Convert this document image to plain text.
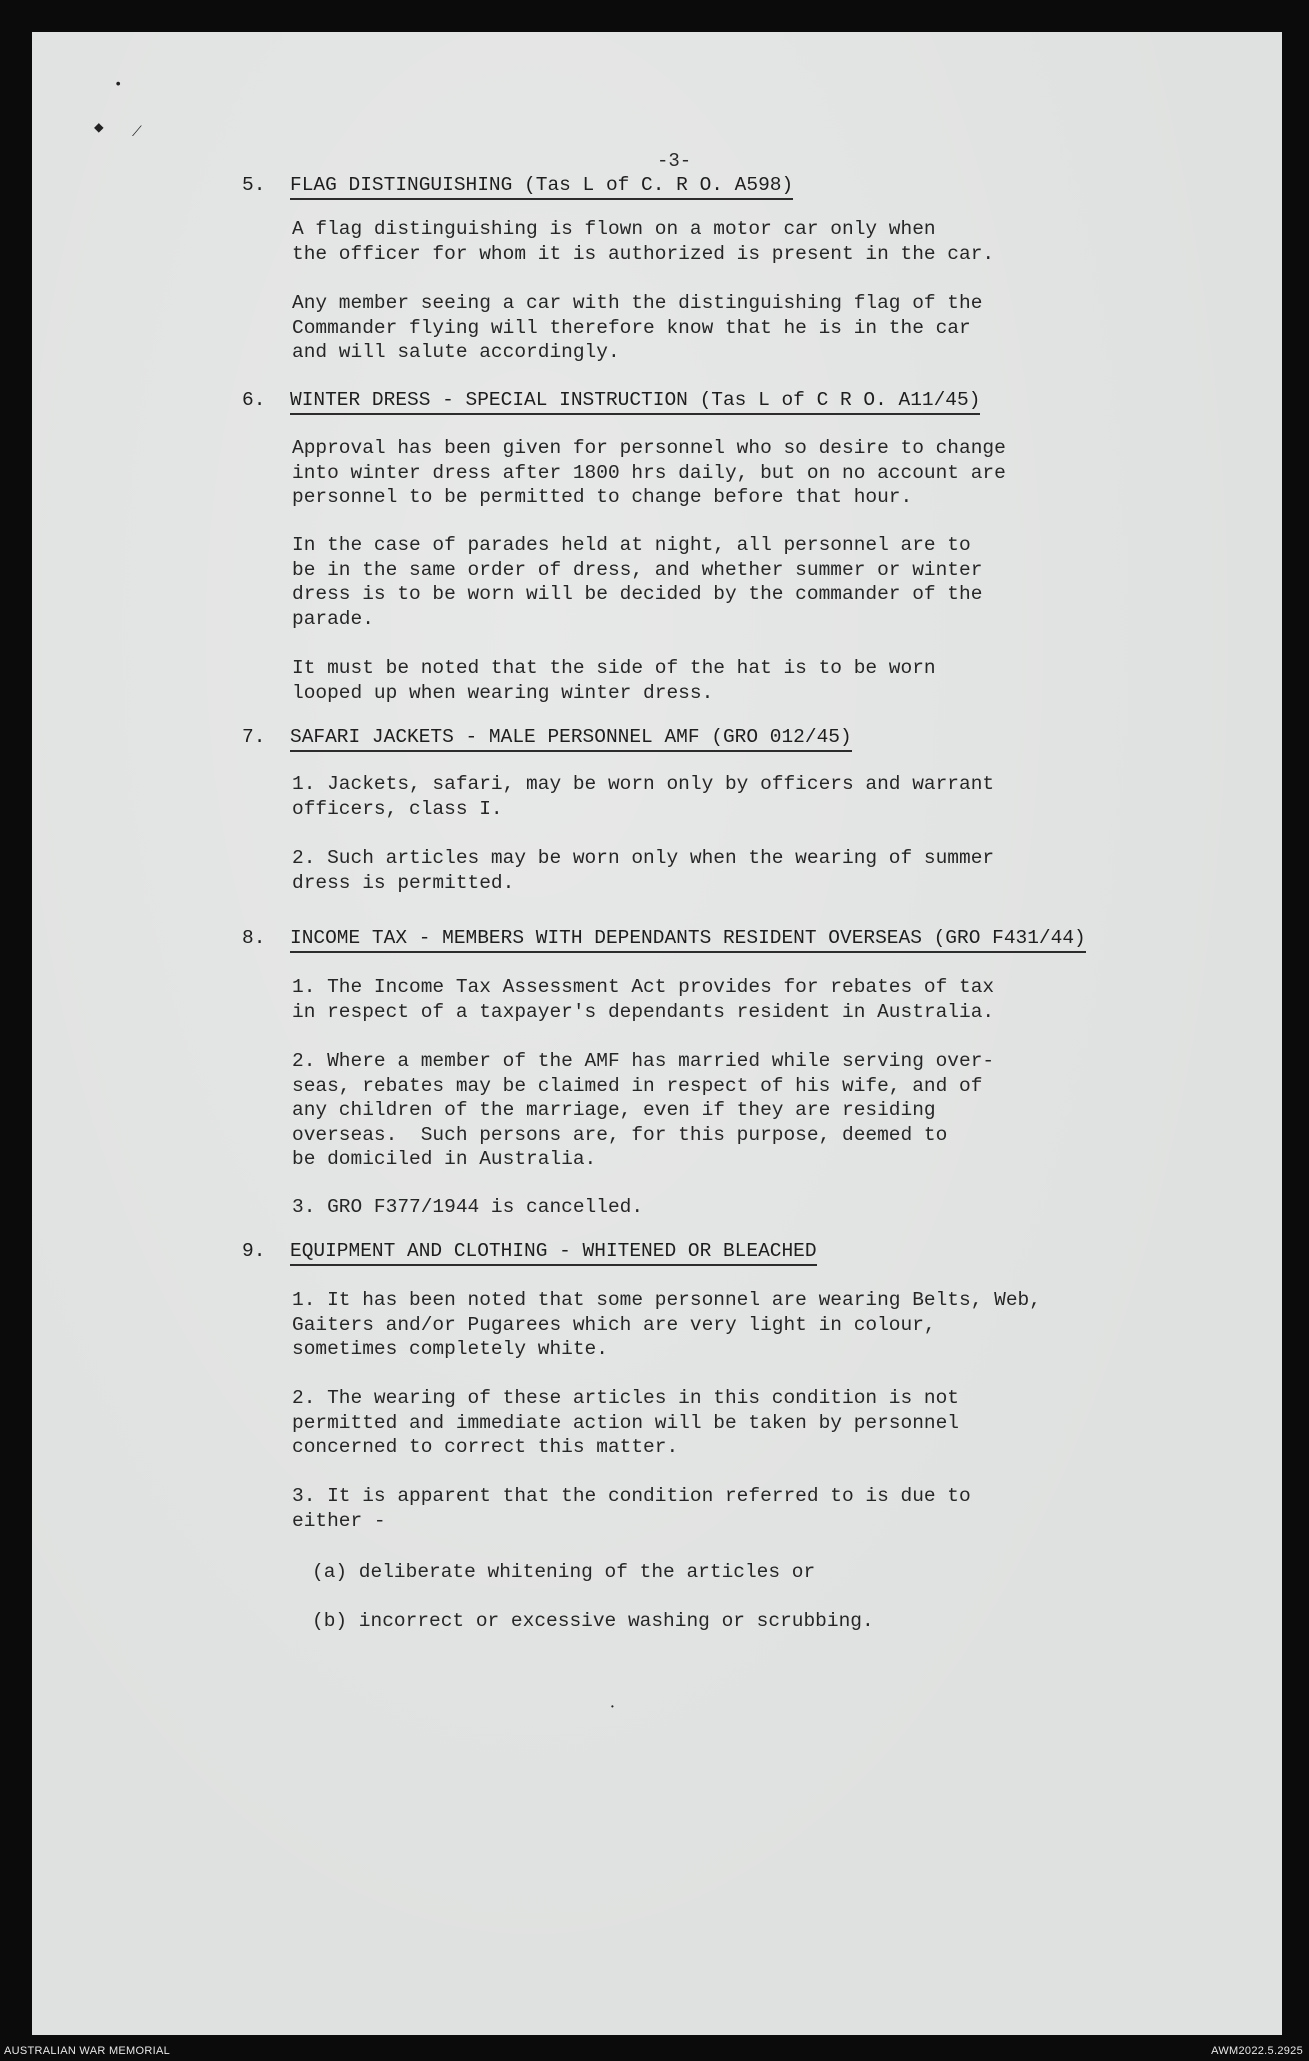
•
◆ ⟋
-3-
5. FLAG DISTINGUISHING (Tas L of C. R O. A598)

A flag distinguishing is flown on a motor car only when
the officer for whom it is authorized is present in the car.

Any member seeing a car with the distinguishing flag of the
Commander flying will therefore know that he is in the car
and will salute accordingly.

6. WINTER DRESS - SPECIAL INSTRUCTION (Tas L of C R O. A11/45)

Approval has been given for personnel who so desire to change
into winter dress after 1800 hrs daily, but on no account are
personnel to be permitted to change before that hour.

In the case of parades held at night, all personnel are to
be in the same order of dress, and whether summer or winter
dress is to be worn will be decided by the commander of the
parade.

It must be noted that the side of the hat is to be worn
looped up when wearing winter dress.

7. SAFARI JACKETS - MALE PERSONNEL AMF (GRO 012/45)

1. Jackets, safari, may be worn only by officers and warrant
officers, class I.

2. Such articles may be worn only when the wearing of summer
dress is permitted.

8. INCOME TAX - MEMBERS WITH DEPENDANTS RESIDENT OVERSEAS (GRO F431/44)

1. The Income Tax Assessment Act provides for rebates of tax
in respect of a taxpayer's dependants resident in Australia.

2. Where a member of the AMF has married while serving over-
seas, rebates may be claimed in respect of his wife, and of
any children of the marriage, even if they are residing
overseas.  Such persons are, for this purpose, deemed to
be domiciled in Australia.

3. GRO F377/1944 is cancelled.

9. EQUIPMENT AND CLOTHING - WHITENED OR BLEACHED

1. It has been noted that some personnel are wearing Belts, Web,
Gaiters and/or Pugarees which are very light in colour,
sometimes completely white.

2. The wearing of these articles in this condition is not
permitted and immediate action will be taken by personnel
concerned to correct this matter.

3. It is apparent that the condition referred to is due to
either -

(a) deliberate whitening of the articles or

(b) incorrect or excessive washing or scrubbing.

•
AUSTRALIAN WAR MEMORIAL	AWM2022.5.2925
